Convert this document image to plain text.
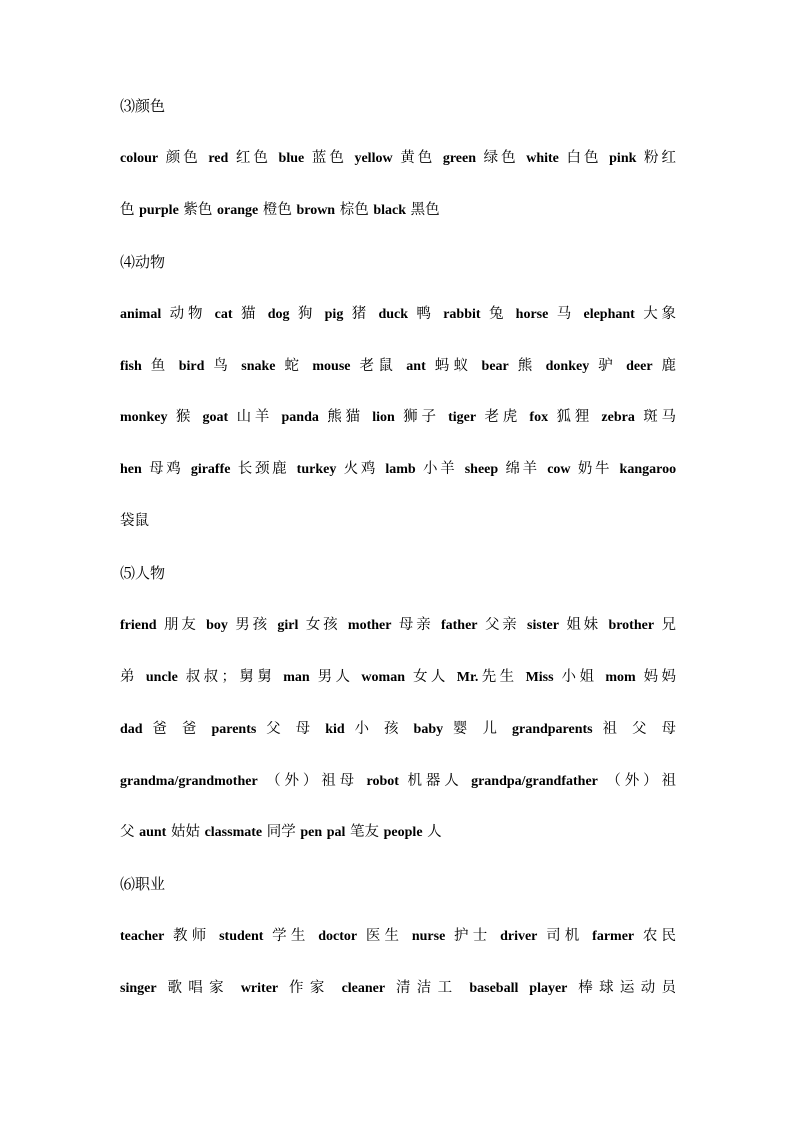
⑶颜色
colour 颜色 red 红色 blue 蓝色 yellow 黄色 green 绿色 white 白色 pink 粉红
色 purple 紫色 orange 橙色 brown 棕色 black 黑色
⑷动物
animal 动物 cat 猫 dog 狗 pig 猪 duck 鸭 rabbit 兔 horse 马 elephant 大象
fish 鱼 bird 鸟 snake 蛇 mouse 老鼠 ant 蚂蚁 bear 熊 donkey 驴 deer 鹿
monkey 猴 goat 山羊 panda 熊猫 lion 狮子 tiger 老虎 fox 狐狸 zebra 斑马
hen 母鸡 giraffe 长颈鹿 turkey 火鸡 lamb 小羊 sheep 绵羊 cow 奶牛 kangaroo
袋鼠
⑸人物
friend 朋友 boy 男孩 girl 女孩 mother 母亲 father 父亲 sister 姐妹 brother 兄
弟 uncle 叔叔；舅舅 man 男人 woman 女人 Mr.先生 Miss 小姐 mom 妈妈
dad 爸 爸 parents 父 母 kid 小 孩 baby 婴 儿 grandparents 祖 父 母
grandma/grandmother （外）祖母 robot 机器人 grandpa/grandfather （外）祖
父 aunt 姑姑 classmate 同学 pen pal 笔友 people 人
⑹职业
teacher 教师 student 学生 doctor 医生 nurse 护士 driver 司机 farmer 农民
singer 歌唱家 writer 作家 cleaner 清洁工 baseball player 棒球运动员
